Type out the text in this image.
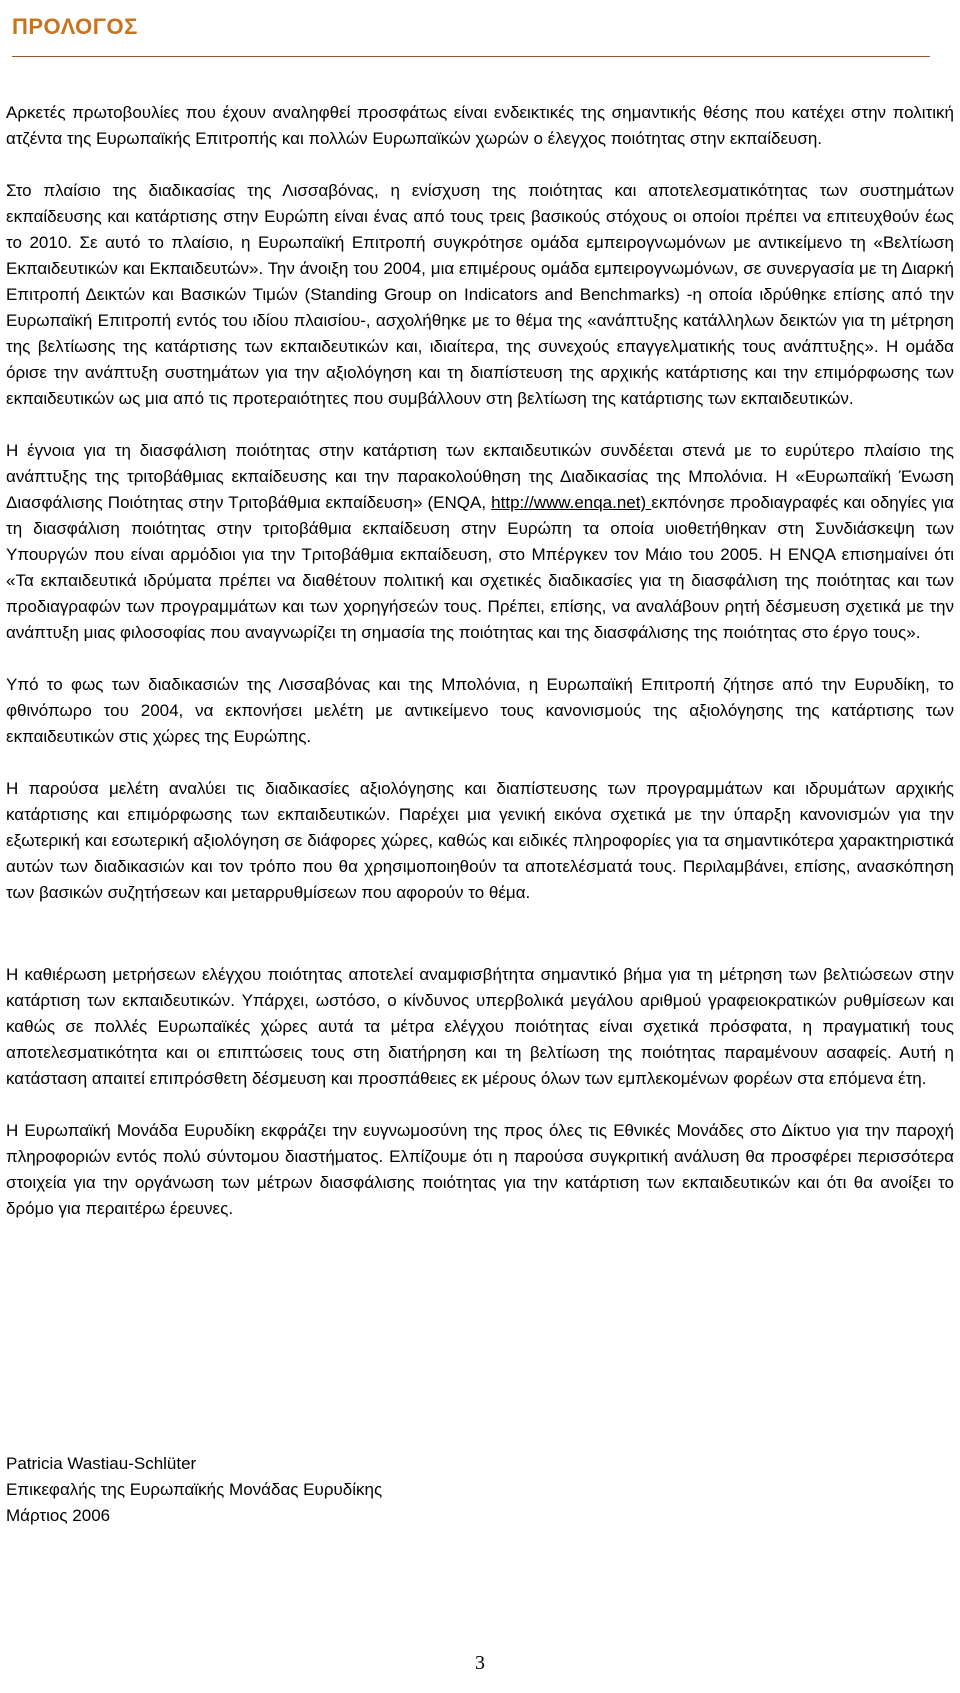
ΠΡΟΛΟΓΟΣ

Αρκετές πρωτοβουλίες που έχουν αναληφθεί προσφάτως είναι ενδεικτικές της σημαντικής θέσης που κατέχει στην πολιτική ατζέντα της Ευρωπαϊκής Επιτροπής και πολλών Ευρωπαϊκών χωρών ο έλεγχος ποιότητας στην εκπαίδευση.

Στο πλαίσιο της διαδικασίας της Λισσαβόνας, η ενίσχυση της ποιότητας και αποτελεσματικότητας των συστημάτων εκπαίδευσης και κατάρτισης στην Ευρώπη είναι ένας από τους τρεις βασικούς στόχους οι οποίοι πρέπει να επιτευχθούν έως το 2010. Σε αυτό το πλαίσιο, η Ευρωπαϊκή Επιτροπή συγκρότησε ομάδα εμπειρογνωμόνων με αντικείμενο τη «Βελτίωση Εκπαιδευτικών και Εκπαιδευτών». Την άνοιξη του 2004, μια επιμέρους ομάδα εμπειρογνωμόνων, σε συνεργασία με τη Διαρκή Επιτροπή Δεικτών και Βασικών Τιμών (Standing Group on Indicators and Benchmarks) -η οποία ιδρύθηκε επίσης από την Ευρωπαϊκή Επιτροπή εντός του ιδίου πλαισίου-, ασχολήθηκε με το θέμα της «ανάπτυξης κατάλληλων δεικτών για τη μέτρηση της βελτίωσης της κατάρτισης των εκπαιδευτικών και, ιδιαίτερα, της συνεχούς επαγγελματικής τους ανάπτυξης». Η ομάδα όρισε την ανάπτυξη συστημάτων για την αξιολόγηση και τη διαπίστευση της αρχικής κατάρτισης και την επιμόρφωσης των εκπαιδευτικών ως μια από τις προτεραιότητες που συμβάλλουν στη βελτίωση της κατάρτισης των εκπαιδευτικών.

Η έγνοια για τη διασφάλιση ποιότητας στην κατάρτιση των εκπαιδευτικών συνδέεται στενά με το ευρύτερο πλαίσιο της ανάπτυξης της τριτοβάθμιας εκπαίδευσης και την παρακολούθηση της Διαδικασίας της Μπολόνια. Η «Ευρωπαϊκή Ένωση Διασφάλισης Ποιότητας στην Τριτοβάθμια εκπαίδευση» (ENQA, http://www.enqa.net) εκπόνησε προδιαγραφές και οδηγίες για τη διασφάλιση ποιότητας στην τριτοβάθμια εκπαίδευση στην Ευρώπη τα οποία υιοθετήθηκαν στη Συνδιάσκεψη των Υπουργών που είναι αρμόδιοι για την Τριτοβάθμια εκπαίδευση, στο Μπέργκεν τον Μάιο του 2005. Η ENQA επισημαίνει ότι «Τα εκπαιδευτικά ιδρύματα πρέπει να διαθέτουν πολιτική και σχετικές διαδικασίες για τη διασφάλιση της ποιότητας και των προδιαγραφών των προγραμμάτων και των χορηγήσεών τους. Πρέπει, επίσης, να αναλάβουν ρητή δέσμευση σχετικά με την ανάπτυξη μιας φιλοσοφίας που αναγνωρίζει τη σημασία της ποιότητας και της διασφάλισης της ποιότητας στο έργο τους».

Υπό το φως των διαδικασιών της Λισσαβόνας και της Μπολόνια, η Ευρωπαϊκή Επιτροπή ζήτησε από την Ευρυδίκη, το φθινόπωρο του 2004, να εκπονήσει μελέτη με αντικείμενο τους κανονισμούς της αξιολόγησης της κατάρτισης των εκπαιδευτικών στις χώρες της Ευρώπης.

Η παρούσα μελέτη αναλύει τις διαδικασίες αξιολόγησης και διαπίστευσης των προγραμμάτων και ιδρυμάτων αρχικής κατάρτισης και επιμόρφωσης των εκπαιδευτικών. Παρέχει μια γενική εικόνα σχετικά με την ύπαρξη κανονισμών για την εξωτερική και εσωτερική αξιολόγηση σε διάφορες χώρες, καθώς και ειδικές πληροφορίες για τα σημαντικότερα χαρακτηριστικά αυτών των διαδικασιών και τον τρόπο που θα χρησιμοποιηθούν τα αποτελέσματά τους. Περιλαμβάνει, επίσης, ανασκόπηση των βασικών συζητήσεων και μεταρρυθμίσεων που αφορούν το θέμα.

Η καθιέρωση μετρήσεων ελέγχου ποιότητας αποτελεί αναμφισβήτητα σημαντικό βήμα για τη μέτρηση των βελτιώσεων στην κατάρτιση των εκπαιδευτικών. Υπάρχει, ωστόσο, ο κίνδυνος υπερβολικά μεγάλου αριθμού γραφειοκρατικών ρυθμίσεων και καθώς σε πολλές Ευρωπαϊκές χώρες αυτά τα μέτρα ελέγχου ποιότητας είναι σχετικά πρόσφατα, η πραγματική τους αποτελεσματικότητα και οι επιπτώσεις τους στη διατήρηση και τη βελτίωση της ποιότητας παραμένουν ασαφείς. Αυτή η κατάσταση απαιτεί επιπρόσθετη δέσμευση και προσπάθειες εκ μέρους όλων των εμπλεκομένων φορέων στα επόμενα έτη.

Η Ευρωπαϊκή Μονάδα Ευρυδίκη εκφράζει την ευγνωμοσύνη της προς όλες τις Εθνικές Μονάδες στο Δίκτυο για την παροχή πληροφοριών εντός πολύ σύντομου διαστήματος. Ελπίζουμε ότι η παρούσα συγκριτική ανάλυση θα προσφέρει περισσότερα στοιχεία για την οργάνωση των μέτρων διασφάλισης ποιότητας για την κατάρτιση των εκπαιδευτικών και ότι θα ανοίξει το δρόμο για περαιτέρω έρευνες.

Patricia Wastiau-Schlüter
Επικεφαλής της Ευρωπαϊκής Μονάδας Ευρυδίκης
Μάρτιος 2006
3
